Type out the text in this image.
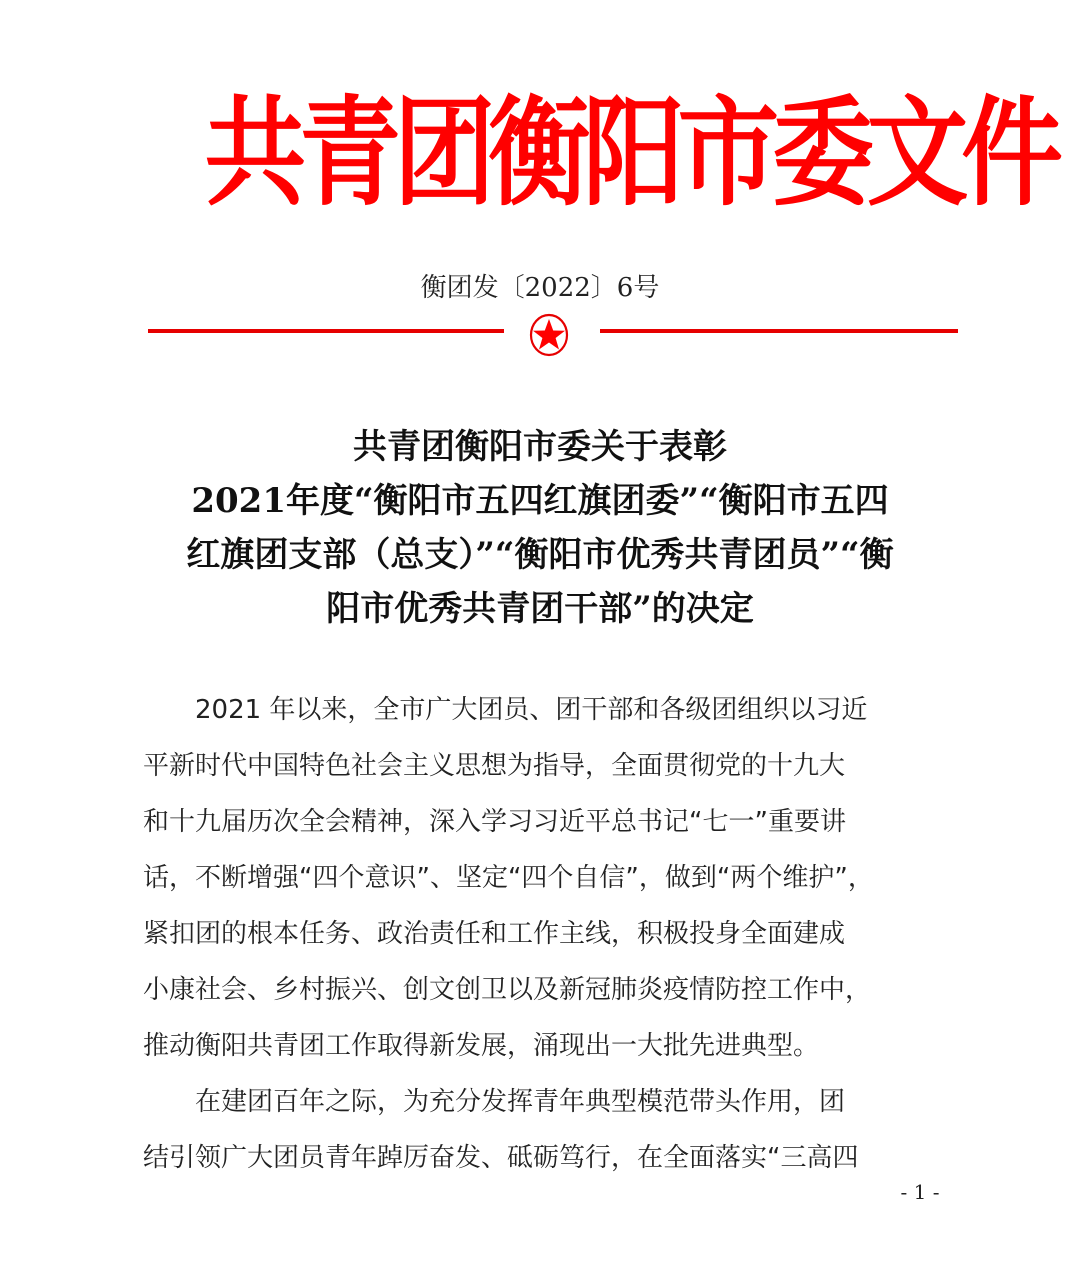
共青团衡阳市委文件
衡团发〔2022〕6号
共青团衡阳市委关于表彰
2021年度“衡阳市五四红旗团委”“衡阳市五四
红旗团支部（总支）”“衡阳市优秀共青团员”“衡
阳市优秀共青团干部”的决定
2021 年以来，全市广大团员、团干部和各级团组织以习近
平新时代中国特色社会主义思想为指导，全面贯彻党的十九大
和十九届历次全会精神，深入学习习近平总书记“七一”重要讲
话，不断增强“四个意识”、坚定“四个自信”，做到“两个维护”，
紧扣团的根本任务、政治责任和工作主线，积极投身全面建成
小康社会、乡村振兴、创文创卫以及新冠肺炎疫情防控工作中，
推动衡阳共青团工作取得新发展，涌现出一大批先进典型。
在建团百年之际，为充分发挥青年典型模范带头作用，团
结引领广大团员青年踔厉奋发、砥砺笃行，在全面落实“三高四
- 1 -
